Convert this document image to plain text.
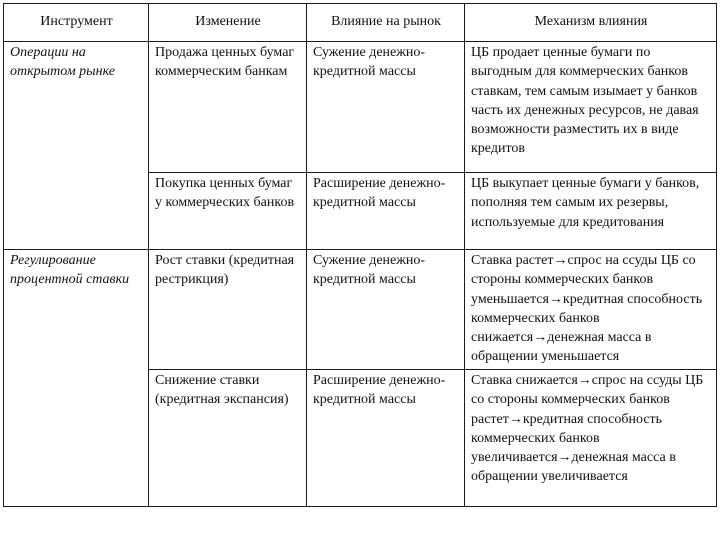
Инструмент	Изменение	Влияние на рынок	Механизм влияния
Операции на открытом рынке	Продажа ценных бумаг коммерческим банкам	Сужение денежно-кредитной массы	ЦБ продает ценные бумаги по выгодным для коммерческих банков ставкам, тем самым изымает у банков часть их денежных ресурсов, не давая возможности разместить их в виде кредитов
	Покупка ценных бумаг у коммерческих банков	Расширение денежно- кредитной массы	ЦБ выкупает ценные бумаги у банков, пополняя тем самым их резервы, используемые для кредитования
Регулирование процентной ставки	Рост ставки (кредитная рестрикция)	Сужение денежно-кредитной массы	Ставка растет→спрос на ссуды ЦБ со стороны коммерческих банков уменьшается→кредитная способность коммерческих банков снижается→денежная масса в обращении уменьшается
	Снижение ставки (кредитная экспансия)	Расширение денежно- кредитной массы	Ставка снижается→спрос на ссуды ЦБ со стороны коммерческих банков растет→кредитная способность коммерческих банков увеличивается→денежная масса в обращении увеличивается
